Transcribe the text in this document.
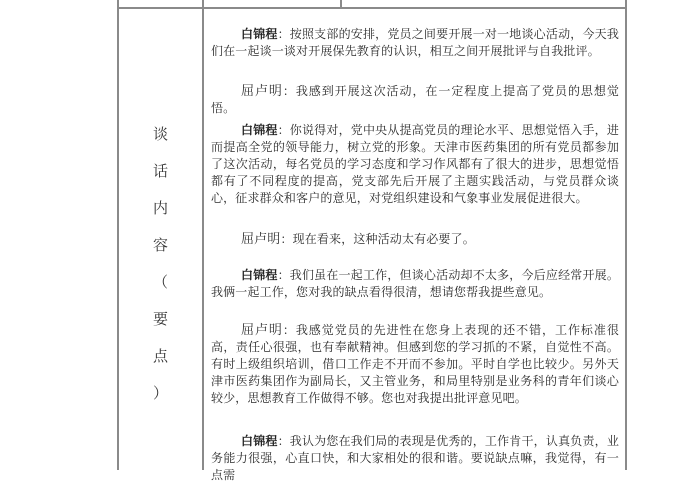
谈
话
内
容
（
要
点
）

白锦程：按照支部的安排，党员之间要开展一对一地谈心活动，今天我们在一起谈一谈对开展保先教育的认识，相互之间开展批评与自我批评。

屈卢明：我感到开展这次活动，在一定程度上提高了党员的思想觉悟。

白锦程：你说得对，党中央从提高党员的理论水平、思想觉悟入手，进而提高全党的领导能力，树立党的形象。天津市医药集团的所有党员都参加了这次活动，每名党员的学习态度和学习作风都有了很大的进步，思想觉悟都有了不同程度的提高，党支部先后开展了主题实践活动，与党员群众谈心，征求群众和客户的意见，对党组织建设和气象事业发展促进很大。

屈卢明：现在看来，这种活动太有必要了。

白锦程：我们虽在一起工作，但谈心活动却不太多，今后应经常开展。我俩一起工作，您对我的缺点看得很清，想请您帮我提些意见。

屈卢明：我感觉党员的先进性在您身上表现的还不错，工作标准很高，责任心很强，也有奉献精神。但感到您的学习抓的不紧，自觉性不高。有时上级组织培训，借口工作走不开而不参加。平时自学也比较少。另外天津市医药集团作为副局长，又主管业务，和局里特别是业务科的青年们谈心较少，思想教育工作做得不够。您也对我提出批评意见吧。

白锦程：我认为您在我们局的表现是优秀的，工作肯干，认真负责，业务能力很强，心直口快，和大家相处的很和谐。要说缺点嘛，我觉得，有一点需
